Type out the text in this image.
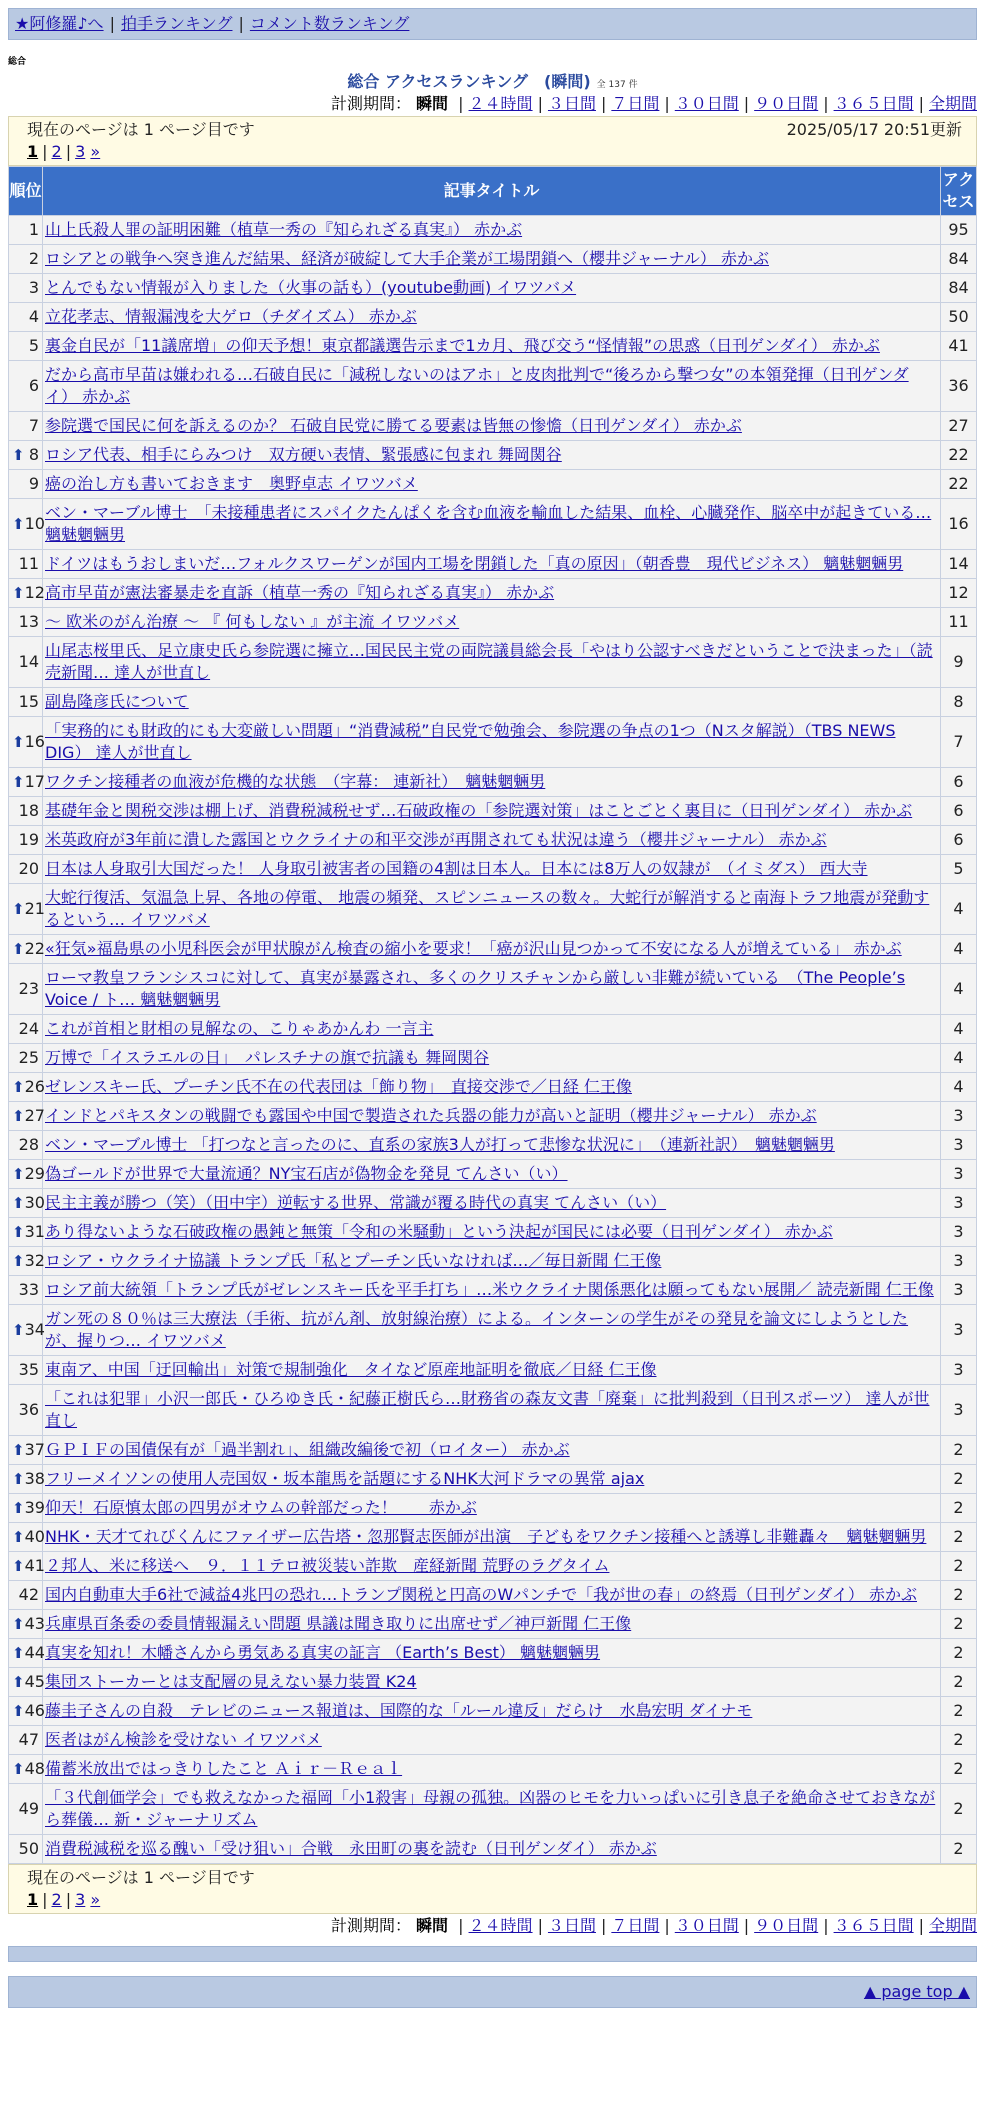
★阿修羅♪へ | 拍手ランキング | コメント数ランキング
総合
総合 アクセスランキング　(瞬間) 全 137 件
計測期間： 瞬間 | ２４時間 | ３日間 | ７日間 | ３０日間 | ９０日間 | ３６５日間 | 全期間
現在のページは 1 ページ目です	2025/05/17 20:51更新
1 | 2 | 3 »
順位	記事タイトル	アクセス
1	山上氏殺人罪の証明困難（植草一秀の『知られざる真実』） 赤かぶ	95
2	ロシアとの戦争へ突き進んだ結果、経済が破綻して大手企業が工場閉鎖へ（櫻井ジャーナル） 赤かぶ	84
3	とんでもない情報が入りました（火事の話も）(youtube動画) イワツバメ	84
4	立花孝志、情報漏洩を大ゲロ（チダイズム） 赤かぶ	50
5	裏金自民が「11議席増」の仰天予想！東京都議選告示まで1カ月、飛び交う“怪情報”の思惑（日刊ゲンダイ） 赤かぶ	41
6	だから高市早苗は嫌われる…石破自民に「減税しないのはアホ」と皮肉批判で“後ろから撃つ女”の本領発揮（日刊ゲンダイ） 赤かぶ	36
7	参院選で国民に何を訴えるのか？ 石破自民党に勝てる要素は皆無の惨憺（日刊ゲンダイ） 赤かぶ	27

⬆ 8	ロシア代表、相手にらみつけ　双方硬い表情、緊張感に包まれ 舞岡関谷	22
9	癌の治し方も書いておきます　奥野卓志 イワツバメ	22

⬆ 10	ベン・マーブル博士　「未接種患者にスパイクたんぱくを含む血液を輸血した結果、血栓、心臓発作、脳卒中が起きている… 魑魅魍魎男	16
11	ドイツはもうおしまいだ…フォルクスワーゲンが国内工場を閉鎖した「真の原因」（朝香豊　現代ビジネス） 魑魅魍魎男	14

⬆ 12	高市早苗が憲法審暴走を直訴（植草一秀の『知られざる真実』） 赤かぶ	12
13	～ 欧米のがん治療 ～ 『 何もしない 』が主流 イワツバメ	11
14	山尾志桜里氏、足立康史氏ら参院選に擁立…国民民主党の両院議員総会長「やはり公認すべきだということで決まった」（読売新聞… 達人が世直し	9
15	副島隆彦氏について	8

⬆ 16	「実務的にも財政的にも大変厳しい問題」“消費減税”自民党で勉強会、参院選の争点の1つ（Nスタ解説）（TBS NEWS DIG） 達人が世直し	7

⬆ 17	ワクチン接種者の血液が危機的な状態　（字幕： 連新社）　魑魅魍魎男	6
18	基礎年金と関税交渉は棚上げ、消費税減税せず…石破政権の「参院選対策」はことごとく裏目に（日刊ゲンダイ） 赤かぶ	6
19	米英政府が3年前に潰した露国とウクライナの和平交渉が再開されても状況は違う（櫻井ジャーナル） 赤かぶ	6
20	日本は人身取引大国だった！ 人身取引被害者の国籍の4割は日本人。日本には8万人の奴隷が　（イミダス） 西大寺	5

⬆ 21	大蛇行復活、気温急上昇、各地の停電、 地震の頻発、スピンニュースの数々。大蛇行が解消すると南海トラフ地震が発動するという… イワツバメ	4

⬆ 22	«狂気»福島県の小児科医会が甲状腺がん検査の縮小を要求！「癌が沢山見つかって不安になる人が増えている」 赤かぶ	4
23	ローマ教皇フランシスコに対して、真実が暴露され、多くのクリスチャンから厳しい非難が続いている　（The People’s Voice / ト… 魑魅魍魎男	4
24	これが首相と財相の見解なの、こりゃあかんわ 一言主	4
25	万博で「イスラエルの日」　パレスチナの旗で抗議も 舞岡関谷	4

⬆ 26	ゼレンスキー氏、プーチン氏不在の代表団は「飾り物」　直接交渉で／日経 仁王像	4

⬆ 27	インドとパキスタンの戦闘でも露国や中国で製造された兵器の能力が高いと証明（櫻井ジャーナル） 赤かぶ	3
28	ベン・マーブル博士 「打つなと言ったのに、直系の家族3人が打って悲惨な状況に」　（連新社訳）　魑魅魍魎男	3

⬆ 29	偽ゴールドが世界で大量流通？NY宝石店が偽物金を発見 てんさい（い）	3

⬆ 30	民主主義が勝つ（笑）（田中宇）逆転する世界、常識が覆る時代の真実 てんさい（い）	3

⬆ 31	あり得ないような石破政権の愚鈍と無策「令和の米騒動」という決起が国民には必要（日刊ゲンダイ） 赤かぶ	3

⬆ 32	ロシア・ウクライナ協議 トランプ氏「私とプーチン氏いなければ…／毎日新聞 仁王像	3
33	ロシア前大統領「トランプ氏がゼレンスキー氏を平手打ち」…米ウクライナ関係悪化は願ってもない展開／ 読売新聞 仁王像	3

⬆ 34	ガン死の８０％は三大療法（手術、抗がん剤、放射線治療）による。インターンの学生がその発見を論文にしようとしたが、握りつ… イワツバメ	3
35	東南ア、中国「迂回輸出」対策で規制強化　タイなど原産地証明を徹底／日経 仁王像	3
36	「これは犯罪」小沢一郎氏・ひろゆき氏・紀藤正樹氏ら…財務省の森友文書「廃棄」に批判殺到（日刊スポーツ） 達人が世直し	3

⬆ 37	ＧＰＩＦの国債保有が「過半割れ」、組織改編後で初（ロイター） 赤かぶ	2

⬆ 38	フリーメイソンの使用人売国奴・坂本龍馬を話題にするNHK大河ドラマの異常 ajax	2

⬆ 39	仰天！石原慎太郎の四男がオウムの幹部だった！　　赤かぶ	2

⬆ 40	NHK・天才てれびくんにファイザー広告塔・忽那賢志医師が出演　子どもをワクチン接種へと誘導し非難轟々　魑魅魍魎男	2

⬆ 41	２邦人、米に移送へ　９．１１テロ被災装い詐欺　産経新聞 荒野のラグタイム	2
42	国内自動車大手6社で減益4兆円の恐れ…トランプ関税と円高のWパンチで「我が世の春」の終焉（日刊ゲンダイ） 赤かぶ	2

⬆ 43	兵庫県百条委の委員情報漏えい問題 県議は聞き取りに出席せず／神戸新聞 仁王像	2

⬆ 44	真実を知れ！木幡さんから勇気ある真実の証言 （Earth’s Best） 魑魅魍魎男	2

⬆ 45	集団ストーカーとは支配層の見えない暴力装置 K24	2

⬆ 46	藤圭子さんの自殺　テレビのニュース報道は、国際的な「ルール違反」だらけ　水島宏明 ダイナモ	2
47	医者はがん検診を受けない イワツバメ	2

⬆ 48	備蓄米放出ではっきりしたこと Ａｉｒ－Ｒｅａｌ	2
49	「３代創価学会」でも救えなかった福岡「小1殺害」母親の孤独。凶器のヒモを力いっぱいに引き息子を絶命させておきながら葬儀… 新・ジャーナリズム	2
50	消費税減税を巡る醜い「受け狙い」合戦　永田町の裏を読む（日刊ゲンダイ） 赤かぶ	2
現在のページは 1 ページ目です
1 | 2 | 3 »
計測期間： 瞬間 | ２４時間 | ３日間 | ７日間 | ３０日間 | ９０日間 | ３６５日間 | 全期間
▲ page top ▲
